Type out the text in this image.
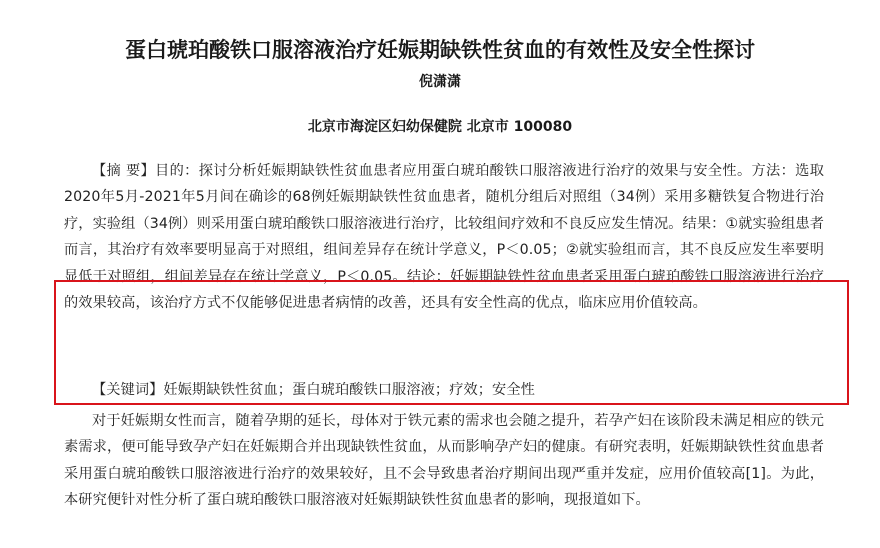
蛋白琥珀酸铁口服溶液治疗妊娠期缺铁性贫血的有效性及安全性探讨
倪潇潇
北京市海淀区妇幼保健院 北京市 100080

【摘 要】目的：探讨分析妊娠期缺铁性贫血患者应用蛋白琥珀酸铁口服溶液进行治疗的效果与安全性。方法：选取2020年5月-2021年5月间在确诊的68例妊娠期缺铁性贫血患者，随机分组后对照组（34例）采用多糖铁复合物进行治疗，实验组（34例）则采用蛋白琥珀酸铁口服溶液进行治疗，比较组间疗效和不良反应发生情况。结果：①就实验组患者而言，其治疗有效率要明显高于对照组，组间差异存在统计学意义，P＜0.05；②就实验组而言，其不良反应发生率要明显低于对照组，组间差异存在统计学意义，P＜0.05。结论：妊娠期缺铁性贫血患者采用蛋白琥珀酸铁口服溶液进行治疗的效果较高，该治疗方式不仅能够促进患者病情的改善，还具有安全性高的优点，临床应用价值较高。

【关键词】妊娠期缺铁性贫血；蛋白琥珀酸铁口服溶液；疗效；安全性

对于妊娠期女性而言，随着孕期的延长，母体对于铁元素的需求也会随之提升，若孕产妇在该阶段未满足相应的铁元素需求，便可能导致孕产妇在妊娠期合并出现缺铁性贫血，从而影响孕产妇的健康。有研究表明，妊娠期缺铁性贫血患者采用蛋白琥珀酸铁口服溶液进行治疗的效果较好，且不会导致患者治疗期间出现严重并发症，应用价值较高[1]。为此，本研究便针对性分析了蛋白琥珀酸铁口服溶液对妊娠期缺铁性贫血患者的影响，现报道如下。
